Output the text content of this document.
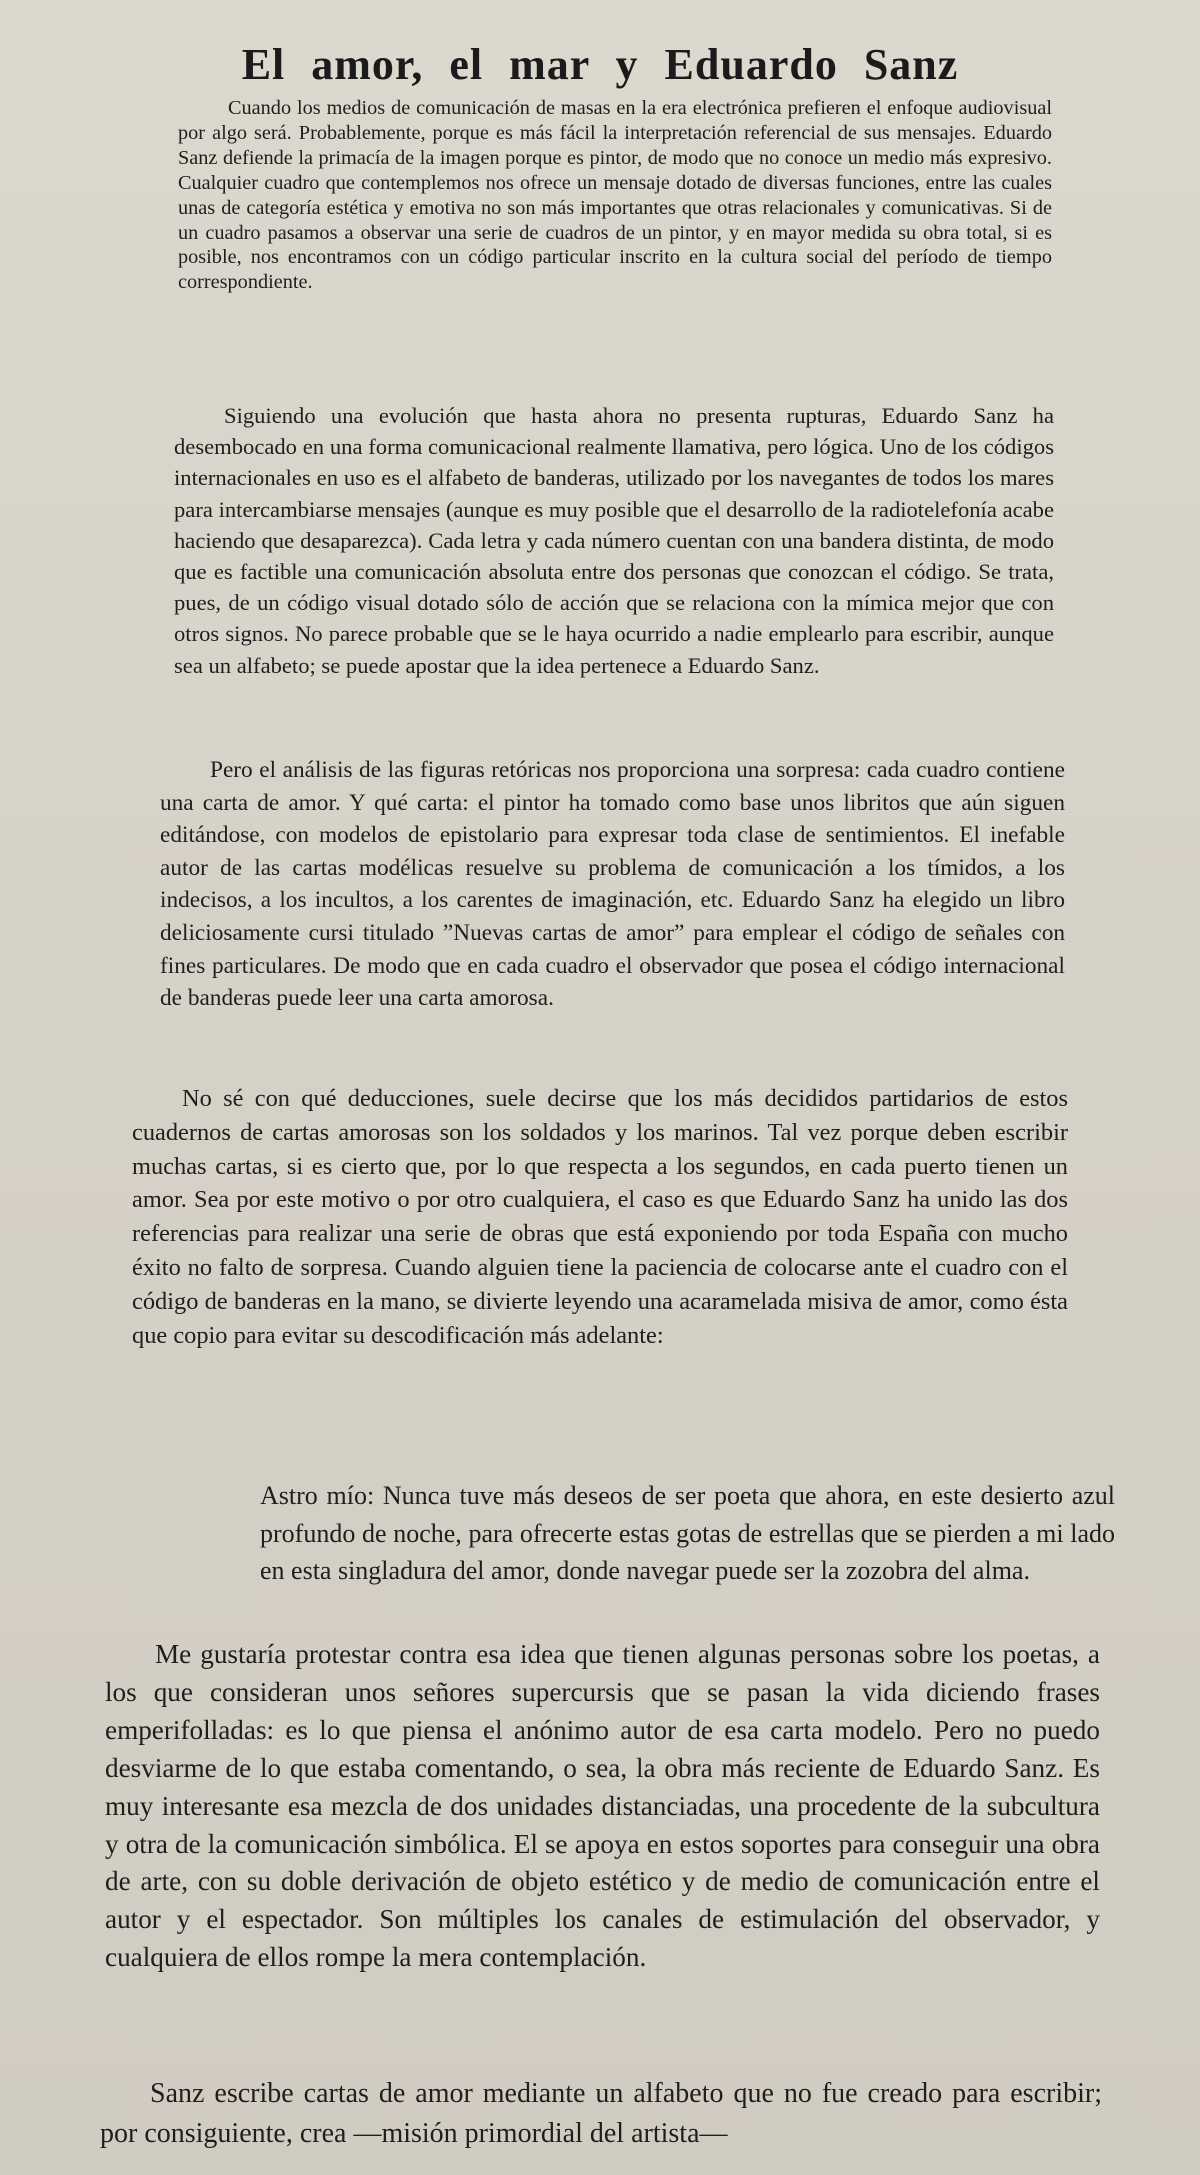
El amor, el mar y Eduardo Sanz

Cuando los medios de comunicación de masas en la era electrónica prefieren el enfoque audiovisual por algo será. Probablemente, porque es más fácil la interpretación referencial de sus mensajes. Eduardo Sanz defiende la primacía de la imagen porque es pintor, de modo que no conoce un medio más expresivo. Cualquier cuadro que contemplemos nos ofrece un mensaje dotado de diversas funciones, entre las cuales unas de categoría estética y emotiva no son más importantes que otras relacionales y comunicativas. Si de un cuadro pasamos a observar una serie de cuadros de un pintor, y en mayor medida su obra total, si es posible, nos encontramos con un código particular inscrito en la cultura social del período de tiempo correspondiente.

Siguiendo una evolución que hasta ahora no presenta rupturas, Eduardo Sanz ha desembocado en una forma comunicacional realmente llamativa, pero lógica. Uno de los códigos internacionales en uso es el alfabeto de banderas, utilizado por los navegantes de todos los mares para intercambiarse mensajes (aunque es muy posible que el desarrollo de la radiotelefonía acabe haciendo que desaparezca). Cada letra y cada número cuentan con una bandera distinta, de modo que es factible una comunicación absoluta entre dos personas que conozcan el código. Se trata, pues, de un código visual dotado sólo de acción que se relaciona con la mímica mejor que con otros signos. No parece probable que se le haya ocurrido a nadie emplearlo para escribir, aunque sea un alfabeto; se puede apostar que la idea pertenece a Eduardo Sanz.

Pero el análisis de las figuras retóricas nos proporciona una sorpresa: cada cuadro contiene una carta de amor. Y qué carta: el pintor ha tomado como base unos libritos que aún siguen editándose, con modelos de epistolario para expresar toda clase de sentimientos. El inefable autor de las cartas modélicas resuelve su problema de comunicación a los tímidos, a los indecisos, a los incultos, a los carentes de imaginación, etc. Eduardo Sanz ha elegido un libro deliciosamente cursi titulado ”Nuevas cartas de amor” para emplear el código de señales con fines particulares. De modo que en cada cuadro el observador que posea el código internacional de banderas puede leer una carta amorosa.

No sé con qué deducciones, suele decirse que los más decididos partidarios de estos cuadernos de cartas amorosas son los soldados y los marinos. Tal vez porque deben escribir muchas cartas, si es cierto que, por lo que respecta a los segundos, en cada puerto tienen un amor. Sea por este motivo o por otro cualquiera, el caso es que Eduardo Sanz ha unido las dos referencias para realizar una serie de obras que está exponiendo por toda España con mucho éxito no falto de sorpresa. Cuando alguien tiene la paciencia de colocarse ante el cuadro con el código de banderas en la mano, se divierte leyendo una acaramelada misiva de amor, como ésta que copio para evitar su descodificación más adelante:

Astro mío: Nunca tuve más deseos de ser poeta que ahora, en este desierto azul profundo de noche, para ofrecerte estas gotas de estrellas que se pierden a mi lado en esta singladura del amor, donde navegar puede ser la zozobra del alma.

Me gustaría protestar contra esa idea que tienen algunas personas sobre los poetas, a los que consideran unos señores supercursis que se pasan la vida diciendo frases emperifolladas: es lo que piensa el anónimo autor de esa carta modelo. Pero no puedo desviarme de lo que estaba comentando, o sea, la obra más reciente de Eduardo Sanz. Es muy interesante esa mezcla de dos unidades distanciadas, una procedente de la subcultura y otra de la comunicación simbólica. El se apoya en estos soportes para conseguir una obra de arte, con su doble derivación de objeto estético y de medio de comunicación entre el autor y el espectador. Son múltiples los canales de estimulación del observador, y cualquiera de ellos rompe la mera contemplación.

Sanz escribe cartas de amor mediante un alfabeto que no fue creado para escribir; por consiguiente, crea —misión primordial del artista—
